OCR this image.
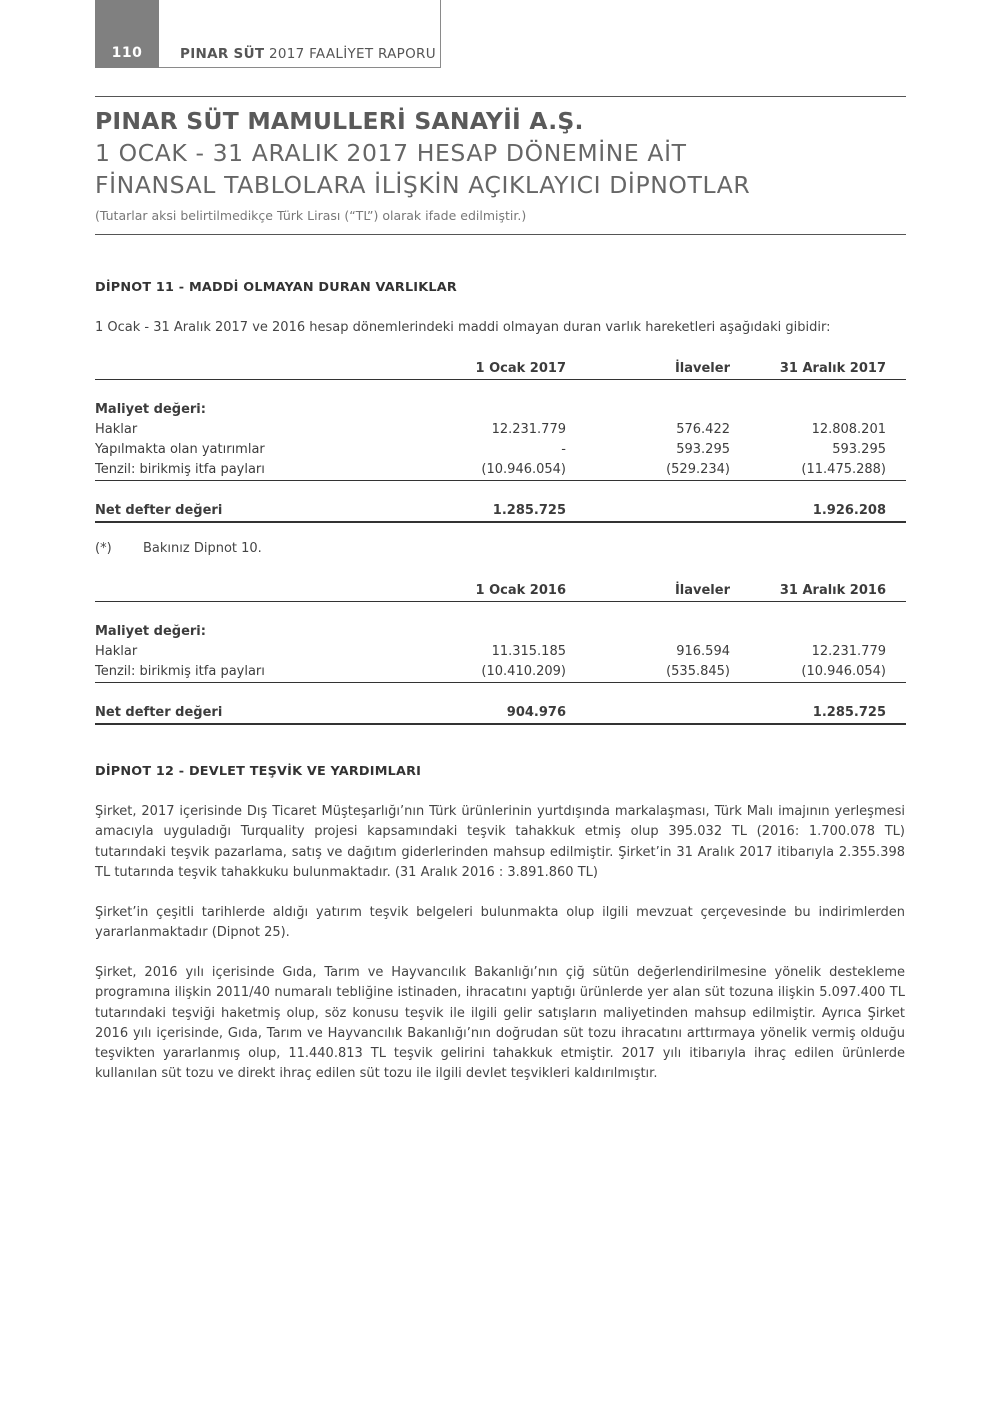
110	PINAR SÜT 2017 FAALİYET RAPORU
PINAR SÜT MAMULLERİ SANAYİİ A.Ş.
1 OCAK - 31 ARALIK 2017 HESAP DÖNEMİNE AİT
FİNANSAL TABLOLARA İLİŞKİN AÇIKLAYICI DİPNOTLAR
(Tutarlar aksi belirtilmedikçe Türk Lirası (“TL”) olarak ifade edilmiştir.)
DİPNOT 11 - MADDİ OLMAYAN DURAN VARLIKLAR
1 Ocak - 31 Aralık 2017 ve 2016 hesap dönemlerindeki maddi olmayan duran varlık hareketleri aşağıdaki gibidir:
	1 Ocak 2017	İlaveler	31 Aralık 2017	

Maliyet değeri:				
Haklar	12.231.779	576.422	12.808.201	
Yapılmakta olan yatırımlar	-	593.295	593.295	
Tenzil: birikmiş itfa payları	(10.946.054)	(529.234)	(11.475.288)	

Net defter değeri	1.285.725		1.926.208	
(*) Bakınız Dipnot 10.
	1 Ocak 2016	İlaveler	31 Aralık 2016	

Maliyet değeri:				
Haklar	11.315.185	916.594	12.231.779	
Tenzil: birikmiş itfa payları	(10.410.209)	(535.845)	(10.946.054)	

Net defter değeri	904.976		1.285.725	
DİPNOT 12 - DEVLET TEŞVİK VE YARDIMLARI
Şirket, 2017 içerisinde Dış Ticaret Müşteşarlığı’nın Türk ürünlerinin yurtdışında markalaşması, Türk Malı imajının yerleşmesi amacıyla uyguladığı Turquality projesi kapsamındaki teşvik tahakkuk etmiş olup 395.032 TL (2016: 1.700.078 TL) tutarındaki teşvik pazarlama, satış ve dağıtım giderlerinden mahsup edilmiştir. Şirket’in 31 Aralık 2017 itibarıyla 2.355.398 TL tutarında teşvik tahakkuku bulunmaktadır. (31 Aralık 2016 : 3.891.860 TL)
Şirket’in çeşitli tarihlerde aldığı yatırım teşvik belgeleri bulunmakta olup ilgili mevzuat çerçevesinde bu indirimlerden yararlanmaktadır (Dipnot 25).
Şirket, 2016 yılı içerisinde Gıda, Tarım ve Hayvancılık Bakanlığı’nın çiğ sütün değerlendirilmesine yönelik destekleme programına ilişkin 2011/40 numaralı tebliğine istinaden, ihracatını yaptığı ürünlerde yer alan süt tozuna ilişkin 5.097.400 TL tutarındaki teşviği haketmiş olup, söz konusu teşvik ile ilgili gelir satışların maliyetinden mahsup edilmiştir. Ayrıca Şirket 2016 yılı içerisinde, Gıda, Tarım ve Hayvancılık Bakanlığı’nın doğrudan süt tozu ihracatını arttırmaya yönelik vermiş olduğu teşvikten yararlanmış olup, 11.440.813 TL teşvik gelirini tahakkuk etmiştir. 2017 yılı itibarıyla ihraç edilen ürünlerde kullanılan süt tozu ve direkt ihraç edilen süt tozu ile ilgili devlet teşvikleri kaldırılmıştır.
